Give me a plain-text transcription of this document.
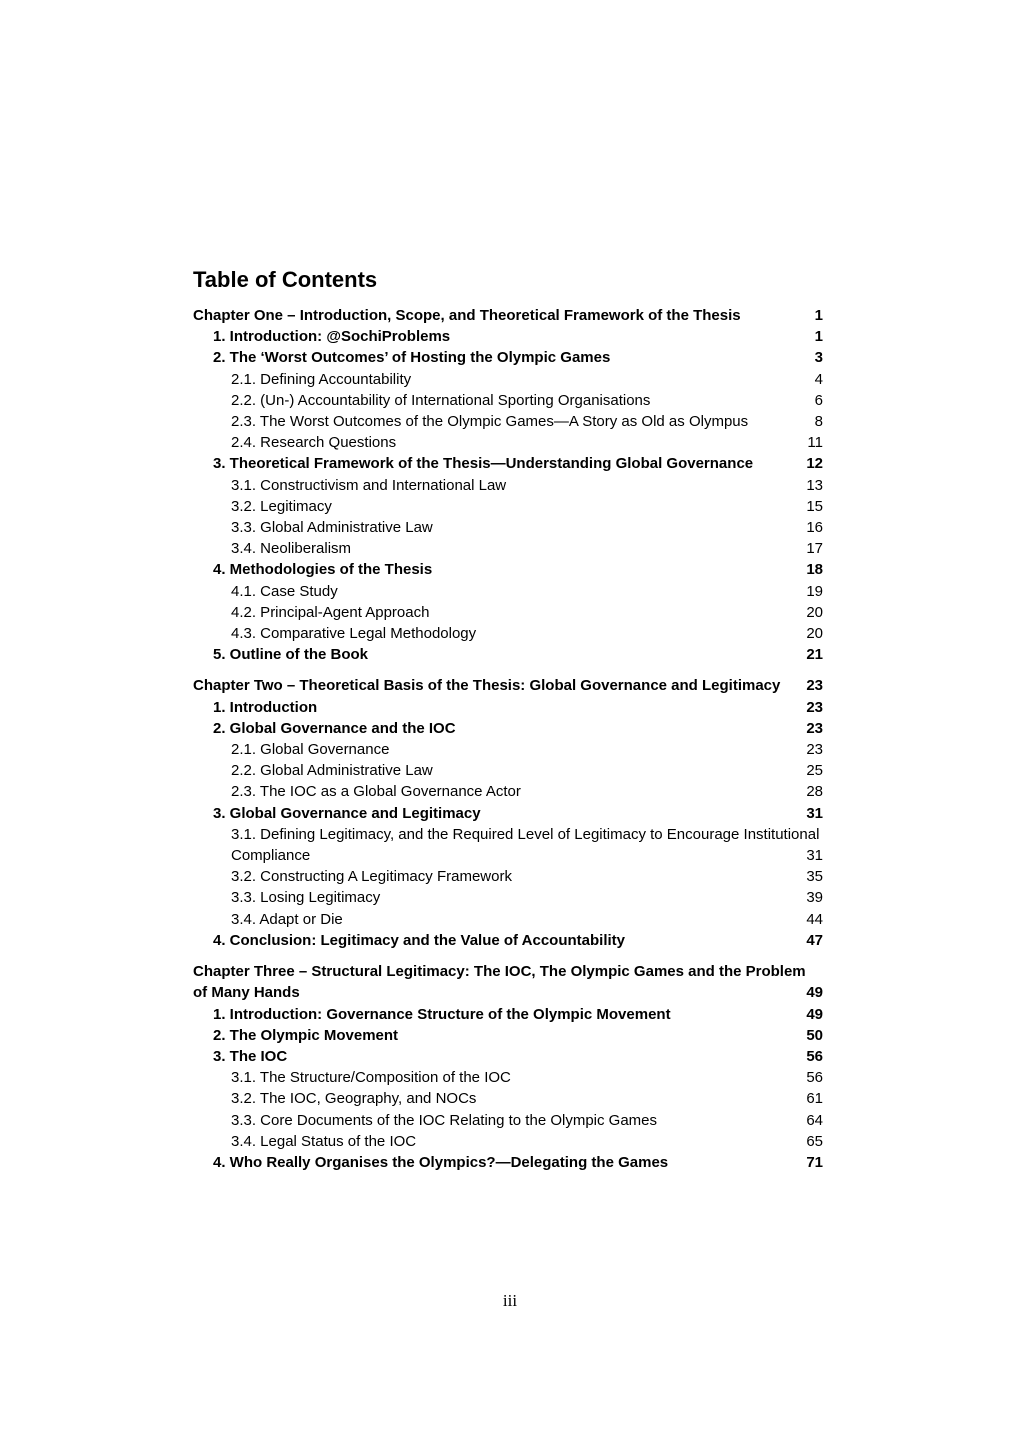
Table of Contents
Chapter One – Introduction, Scope, and Theoretical Framework of the Thesis	1
1. Introduction: @SochiProblems	1
2. The ‘Worst Outcomes’ of Hosting the Olympic Games	3
2.1. Defining Accountability	4
2.2. (Un-) Accountability of International Sporting Organisations	6
2.3. The Worst Outcomes of the Olympic Games—A Story as Old as Olympus	8
2.4. Research Questions	11
3. Theoretical Framework of the Thesis—Understanding Global Governance	12
3.1. Constructivism and International Law	13
3.2. Legitimacy	15
3.3. Global Administrative Law	16
3.4. Neoliberalism	17
4. Methodologies of the Thesis	18
4.1. Case Study	19
4.2. Principal-Agent Approach	20
4.3. Comparative Legal Methodology	20
5. Outline of the Book	21
Chapter Two – Theoretical Basis of the Thesis: Global Governance and Legitimacy	23
1. Introduction	23
2. Global Governance and the IOC	23
2.1. Global Governance	23
2.2. Global Administrative Law	25
2.3. The IOC as a Global Governance Actor	28
3. Global Governance and Legitimacy	31
3.1. Defining Legitimacy, and the Required Level of Legitimacy to Encourage Institutional Compliance	31
3.2. Constructing A Legitimacy Framework	35
3.3. Losing Legitimacy	39
3.4. Adapt or Die	44
4. Conclusion: Legitimacy and the Value of Accountability	47
Chapter Three – Structural Legitimacy: The IOC, The Olympic Games and the Problem of Many Hands	49
1. Introduction: Governance Structure of the Olympic Movement	49
2. The Olympic Movement	50
3. The IOC	56
3.1. The Structure/Composition of the IOC	56
3.2. The IOC, Geography, and NOCs	61
3.3. Core Documents of the IOC Relating to the Olympic Games	64
3.4. Legal Status of the IOC	65
4. Who Really Organises the Olympics?—Delegating the Games	71
iii
